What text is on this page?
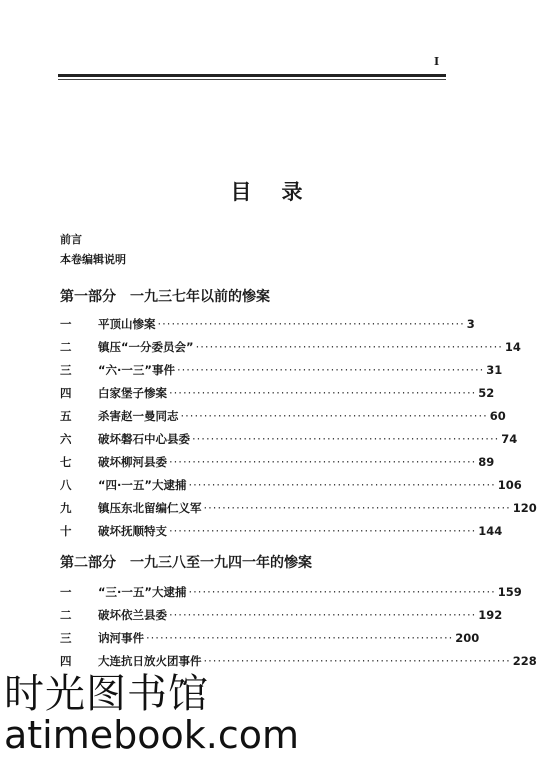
I
目录
前言
本卷编辑说明
第一部分 一九三七年以前的惨案
一	平顶山惨案 ·································································· 3
二	镇压“一分委员会” ·································································· 14
三	“六·一三”事件 ·································································· 31
四	白家堡子惨案 ·································································· 52
五	杀害赵一曼同志 ·································································· 60
六	破坏磐石中心县委 ·································································· 74
七	破坏柳河县委 ·································································· 89
八	“四·一五”大逮捕 ·································································· 106
九	镇压东北留编仁义军 ·································································· 120
十	破坏抚顺特支 ·································································· 144
第二部分 一九三八至一九四一年的惨案
一	“三·一五”大逮捕 ·································································· 159
二	破坏依兰县委 ·································································· 192
三	讷河事件 ·································································· 200
四	大连抗日放火团事件 ·································································· 228
时光图书馆
atimebook.com
